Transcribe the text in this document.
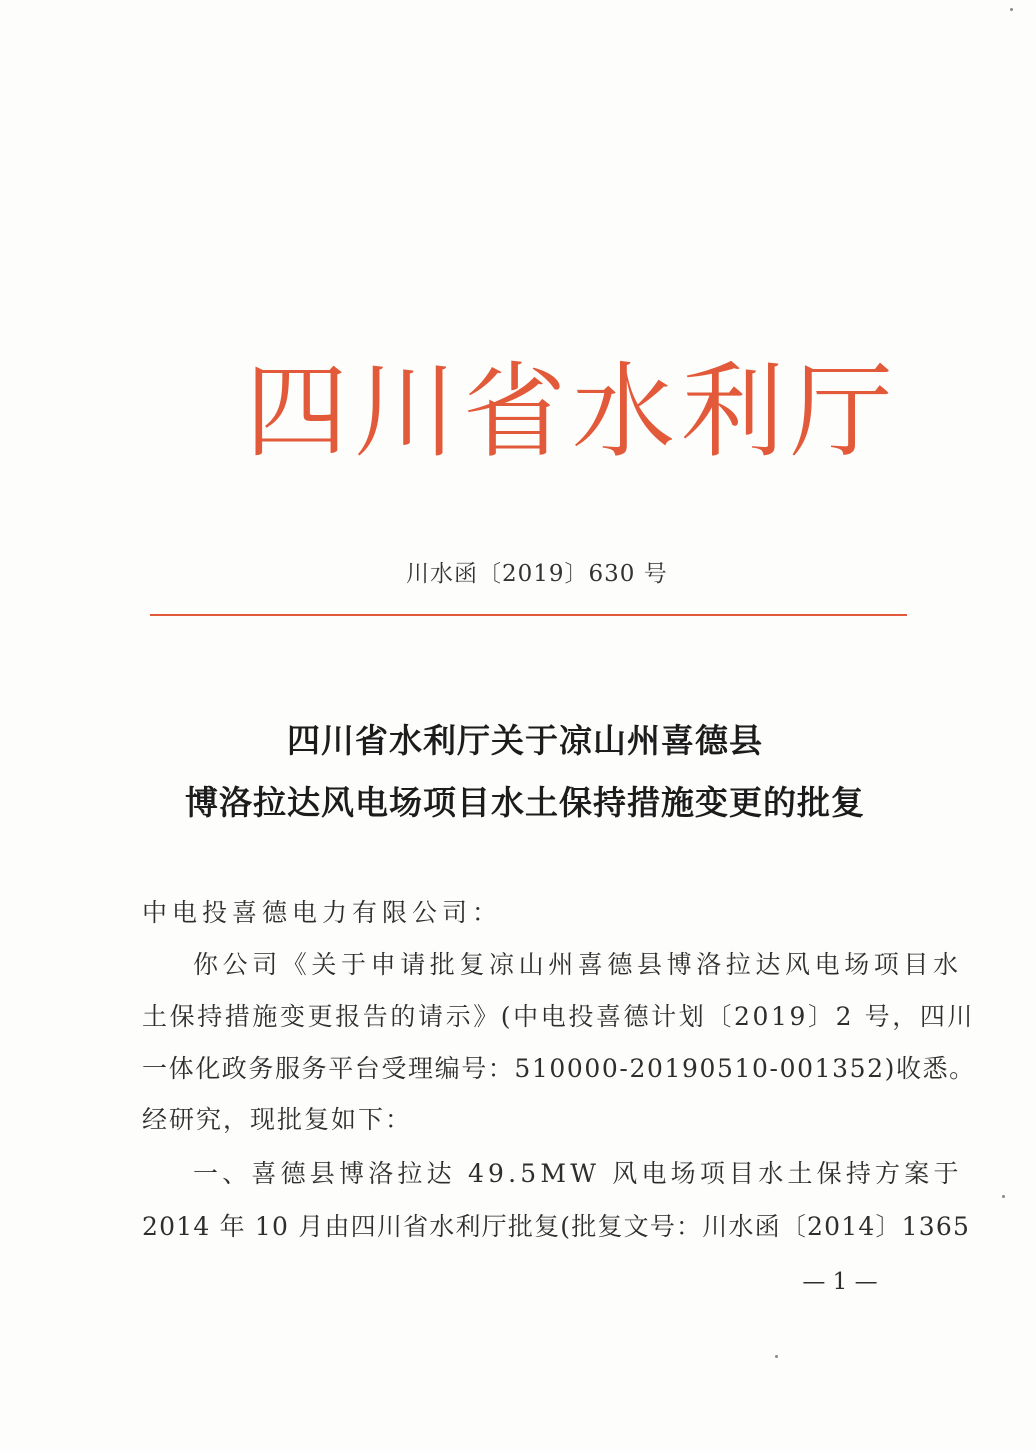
四川省水利厅
川水函〔2019〕630 号
四川省水利厅关于凉山州喜德县
博洛拉达风电场项目水土保持措施变更的批复
中电投喜德电力有限公司：
你公司《关于申请批复凉山州喜德县博洛拉达风电场项目水
土保持措施变更报告的请示》(中电投喜德计划〔2019〕2 号，四川
一体化政务服务平台受理编号：510000-20190510-001352)收悉。
经研究，现批复如下：
一、喜德县博洛拉达 49.5MW 风电场项目水土保持方案于
2014 年 10 月由四川省水利厅批复(批复文号：川水函〔2014〕1365
— 1 —
